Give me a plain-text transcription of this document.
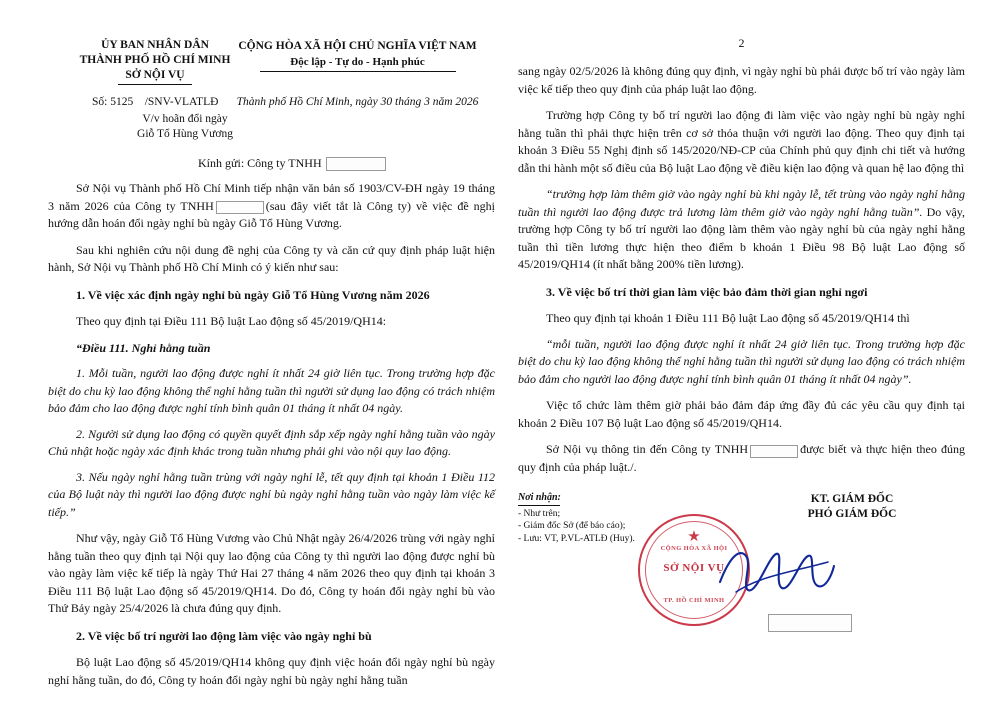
ỦY BAN NHÂN DÂN
THÀNH PHỐ HỒ CHÍ MINH
SỞ NỘI VỤ
CỘNG HÒA XÃ HỘI CHỦ NGHĨA VIỆT NAM
Độc lập - Tự do - Hạnh phúc
Số: 5125 /SNV-VLATLĐ	Thành phố Hồ Chí Minh, ngày 30 tháng 3 năm 2026
V/v hoãn đổi ngày
Giỗ Tổ Hùng Vương
Kính gửi: Công ty TNHH

Sở Nội vụ Thành phố Hồ Chí Minh tiếp nhận văn bản số 1903/CV-ĐH ngày 19 tháng 3 năm 2026 của Công ty TNHH	(sau đây viết tắt là Công ty) về việc đề nghị hướng dẫn hoán đổi ngày nghỉ bù ngày Giỗ Tổ Hùng Vương.

Sau khi nghiên cứu nội dung đề nghị của Công ty và căn cứ quy định pháp luật hiện hành, Sở Nội vụ Thành phố Hồ Chí Minh có ý kiến như sau:

1. Về việc xác định ngày nghỉ bù ngày Giỗ Tổ Hùng Vương năm 2026

Theo quy định tại Điều 111 Bộ luật Lao động số 45/2019/QH14:

“Điều 111. Nghỉ hằng tuần

1. Mỗi tuần, người lao động được nghỉ ít nhất 24 giờ liên tục. Trong trường hợp đặc biệt do chu kỳ lao động không thể nghỉ hằng tuần thì người sử dụng lao động có trách nhiệm bảo đảm cho lao động được nghỉ tính bình quân 01 tháng ít nhất 04 ngày.

2. Người sử dụng lao động có quyền quyết định sắp xếp ngày nghỉ hằng tuần vào ngày Chủ nhật hoặc ngày xác định khác trong tuần nhưng phải ghi vào nội quy lao động.

3. Nếu ngày nghỉ hằng tuần trùng với ngày nghỉ lễ, tết quy định tại khoản 1 Điều 112 của Bộ luật này thì người lao động được nghỉ bù ngày nghỉ hằng tuần vào ngày làm việc kế tiếp.”

Như vậy, ngày Giỗ Tổ Hùng Vương vào Chủ Nhật ngày 26/4/2026 trùng với ngày nghỉ hằng tuần theo quy định tại Nội quy lao động của Công ty thì người lao động được nghỉ bù vào ngày làm việc kế tiếp là ngày Thứ Hai 27 tháng 4 năm 2026 theo quy định tại khoản 3 Điều 111 Bộ luật Lao động số 45/2019/QH14. Do đó, Công ty hoán đổi ngày nghỉ bù vào Thứ Bảy ngày 25/4/2026 là chưa đúng quy định.

2. Về việc bố trí người lao động làm việc vào ngày nghỉ bù

Bộ luật Lao động số 45/2019/QH14 không quy định việc hoán đổi ngày nghỉ bù ngày nghỉ hằng tuần, do đó, Công ty hoán đổi ngày nghỉ bù ngày nghỉ hằng tuần

2

sang ngày 02/5/2026 là không đúng quy định, vì ngày nghỉ bù phải được bố trí vào ngày làm việc kế tiếp theo quy định của pháp luật lao động.

Trường hợp Công ty bố trí người lao động đi làm việc vào ngày nghỉ bù ngày nghỉ hằng tuần thì phải thực hiện trên cơ sở thỏa thuận với người lao động. Theo quy định tại khoản 3 Điều 55 Nghị định số 145/2020/NĐ-CP của Chính phủ quy định chi tiết và hướng dẫn thi hành một số điều của Bộ luật Lao động về điều kiện lao động và quan hệ lao động thì

“trường hợp làm thêm giờ vào ngày nghỉ bù khi ngày lễ, tết trùng vào ngày nghỉ hằng tuần thì người lao động được trả lương làm thêm giờ vào ngày nghỉ hằng tuần”. Do vậy, trường hợp Công ty bố trí người lao động làm thêm vào ngày nghỉ bù của ngày nghỉ hằng tuần thì tiền lương thực hiện theo điểm b khoản 1 Điều 98 Bộ luật Lao động số 45/2019/QH14 (ít nhất bằng 200% tiền lương).

3. Về việc bố trí thời gian làm việc bảo đảm thời gian nghỉ ngơi

Theo quy định tại khoản 1 Điều 111 Bộ luật Lao động số 45/2019/QH14 thì

“mỗi tuần, người lao động được nghỉ ít nhất 24 giờ liên tục. Trong trường hợp đặc biệt do chu kỳ lao động không thể nghỉ hằng tuần thì người sử dụng lao động có trách nhiệm bảo đảm cho người lao động được nghỉ tính bình quân 01 tháng ít nhất 04 ngày”.

Việc tổ chức làm thêm giờ phải bảo đảm đáp ứng đầy đủ các yêu cầu quy định tại khoản 2 Điều 107 Bộ luật Lao động số 45/2019/QH14.

Sở Nội vụ thông tin đến Công ty TNHH	được biết và thực hiện theo đúng quy định của pháp luật./.

Nơi nhận:
- Như trên;
- Giám đốc Sở (để báo cáo);
- Lưu: VT, P.VL-ATLĐ (Huy).
KT. GIÁM ĐỐC
PHÓ GIÁM ĐỐC
★
CỘNG HÒA XÃ HỘI
SỞ NỘI VỤ
TP. HỒ CHÍ MINH
